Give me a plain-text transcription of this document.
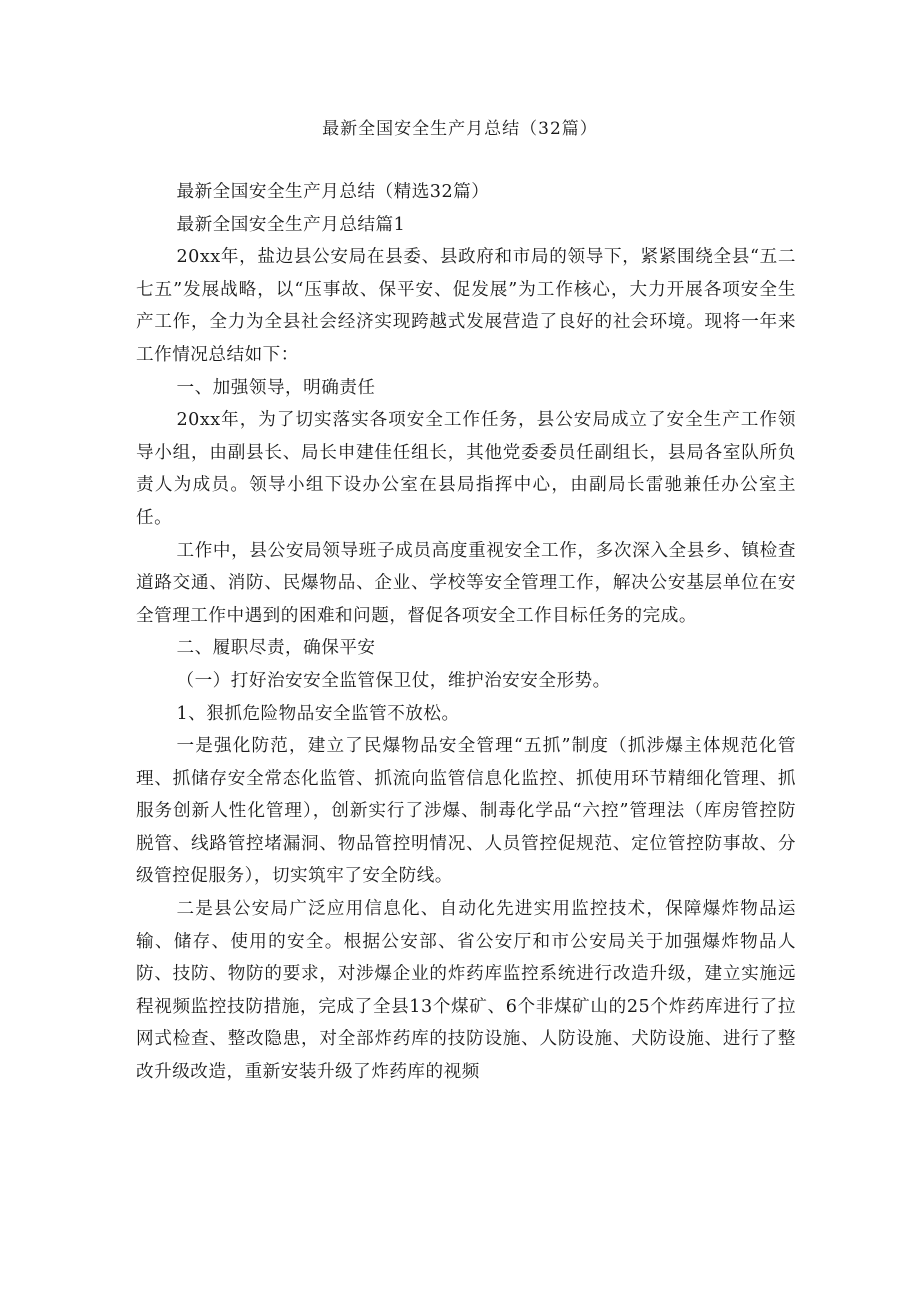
最新全国安全生产月总结（32篇）

最新全国安全生产月总结（精选32篇）

最新全国安全生产月总结篇1

20xx年，盐边县公安局在县委、县政府和市局的领导下，紧紧围绕全县“五二七五”发展战略，以“压事故、保平安、促发展”为工作核心，大力开展各项安全生产工作，全力为全县社会经济实现跨越式发展营造了良好的社会环境。现将一年来工作情况总结如下：

一、加强领导，明确责任

20xx年，为了切实落实各项安全工作任务，县公安局成立了安全生产工作领导小组，由副县长、局长申建佳任组长，其他党委委员任副组长，县局各室队所负责人为成员。领导小组下设办公室在县局指挥中心，由副局长雷驰兼任办公室主任。

工作中，县公安局领导班子成员高度重视安全工作，多次深入全县乡、镇检查道路交通、消防、民爆物品、企业、学校等安全管理工作，解决公安基层单位在安全管理工作中遇到的困难和问题，督促各项安全工作目标任务的完成。

二、履职尽责，确保平安

（一）打好治安安全监管保卫仗，维护治安安全形势。

1、狠抓危险物品安全监管不放松。

一是强化防范，建立了民爆物品安全管理“五抓”制度（抓涉爆主体规范化管理、抓储存安全常态化监管、抓流向监管信息化监控、抓使用环节精细化管理、抓服务创新人性化管理），创新实行了涉爆、制毒化学品“六控”管理法（库房管控防脱管、线路管控堵漏洞、物品管控明情况、人员管控促规范、定位管控防事故、分级管控促服务），切实筑牢了安全防线。

二是县公安局广泛应用信息化、自动化先进实用监控技术，保障爆炸物品运输、储存、使用的安全。根据公安部、省公安厅和市公安局关于加强爆炸物品人防、技防、物防的要求，对涉爆企业的炸药库监控系统进行改造升级，建立实施远程视频监控技防措施，完成了全县13个煤矿、6个非煤矿山的25个炸药库进行了拉网式检查、整改隐患，对全部炸药库的技防设施、人防设施、犬防设施、进行了整改升级改造，重新安装升级了炸药库的视频
